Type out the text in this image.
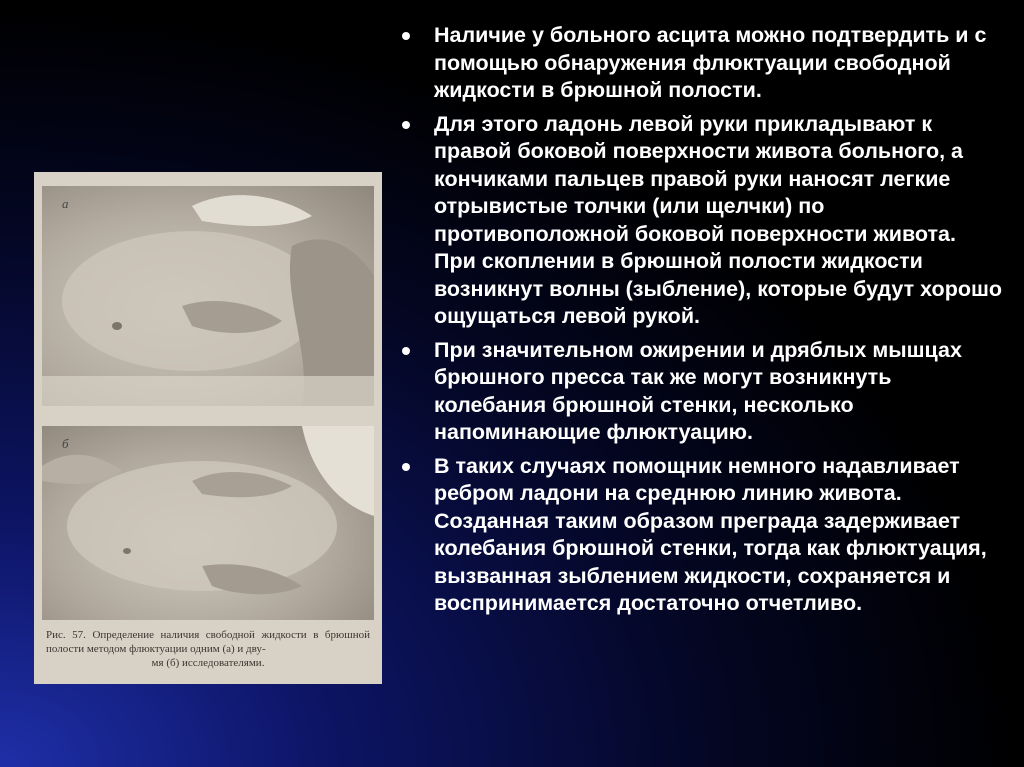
а
б
Рис. 57. Определение наличия свободной жидкости в брюшной полости методом флюктуации одним (а) и дву-
мя (б) исследователями.
Наличие у больного асцита можно подтвердить и с помощью обнаружения флюктуации свободной жидкости в брюшной полости.
Для этого ладонь левой руки прикладывают к правой боковой поверхности живота больного, а кончиками пальцев правой руки наносят легкие отрывистые толчки (или щелчки) по противоположной боковой поверхности живота. При скоплении в брюшной полости жидкости возникнут волны (зыбление), которые будут хорошо ощущаться левой рукой.
При значительном ожирении и дряблых мышцах брюшного пресса так же могут возникнуть колебания брюшной стенки, несколько напоминающие флюктуацию.
В таких случаях помощник немного надавливает ребром ладони на среднюю линию живота. Созданная таким образом преграда задерживает колебания брюшной стенки, тогда как флюктуация, вызванная зыблением жидкости, сохраняется и воспринимается достаточно отчетливо.
